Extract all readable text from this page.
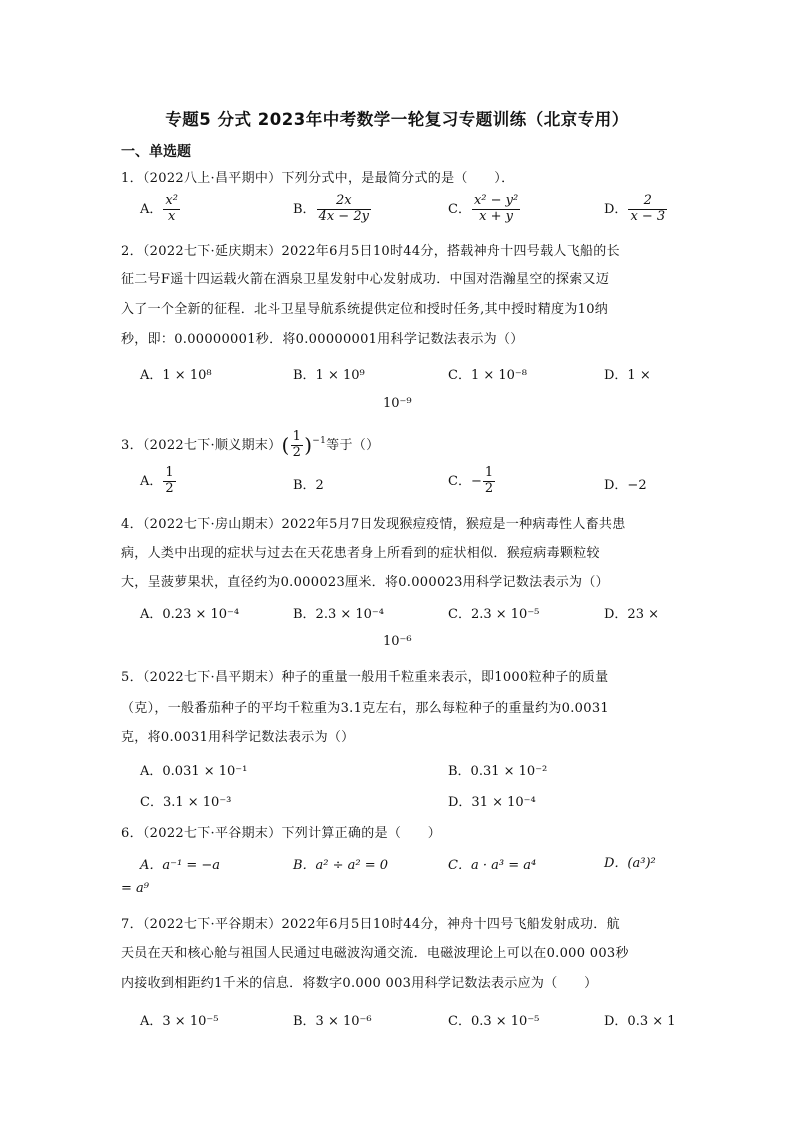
专题5 分式 2023年中考数学一轮复习专题训练（北京专用）
一、单选题
1．（2022八上·昌平期中）下列分式中，是最简分式的是（　　）．
A． $\frac{\text{x²}}{x}$	B． $\frac{2x}{4x - 2y}$	C． $\frac{\text{x² − y²}}{x + y}$	D． $\frac{2}{x - 3}$
2．（2022七下·延庆期末）2022年6月5日10时44分，搭载神舟十四号载人飞船的长
征二号F遥十四运载火箭在酒泉卫星发射中心发射成功．中国对浩瀚星空的探索又迈
入了一个全新的征程．北斗卫星导航系统提供定位和授时任务,其中授时精度为10纳
秒，即：0.00000001秒．将0.00000001用科学记数法表示为（）
A．1 × 10⁸	B．1 × 10⁹	C．1 × 10⁻⁸	D．1 ×
10⁻⁹
3．（2022七下·顺义期末）( $\frac{1}{2} )^{-1}$等于（）
A． $\frac{1}{2}$	B．2	C．− $\frac{1}{2}$	D．−2
4．（2022七下·房山期末）2022年5月7日发现猴痘疫情，猴痘是一种病毒性人畜共患
病，人类中出现的症状与过去在天花患者身上所看到的症状相似．猴痘病毒颗粒较
大，呈菠萝果状，直径约为0.000023厘米．将0.000023用科学记数法表示为（）
A．0.23 × 10⁻⁴	B．2.3 × 10⁻⁴	C．2.3 × 10⁻⁵	D．23 ×
10⁻⁶
5．（2022七下·昌平期末）种子的重量一般用千粒重来表示，即1000粒种子的质量
（克），一般番茄种子的平均千粒重为3.1克左右，那么每粒种子的重量约为0.0031
克，将0.0031用科学记数法表示为（）
A．0.031 × 10⁻¹	B．0.31 × 10⁻²
C．3.1 × 10⁻³	D．31 × 10⁻⁴
6．（2022七下·平谷期末）下列计算正确的是（　　）
A．a⁻¹ = −a	B．a² ÷ a² = 0	C．a · a³ = a⁴	D．(a³)²
= a⁹
7．（2022七下·平谷期末）2022年6月5日10时44分，神舟十四号飞船发射成功．航
天员在天和核心舱与祖国人民通过电磁波沟通交流．电磁波理论上可以在0.000 003秒
内接收到相距约1千米的信息．将数字0.000 003用科学记数法表示应为（　　）
A．3 × 10⁻⁵	B．3 × 10⁻⁶	C．0.3 × 10⁻⁵	D．0.3 × 1
